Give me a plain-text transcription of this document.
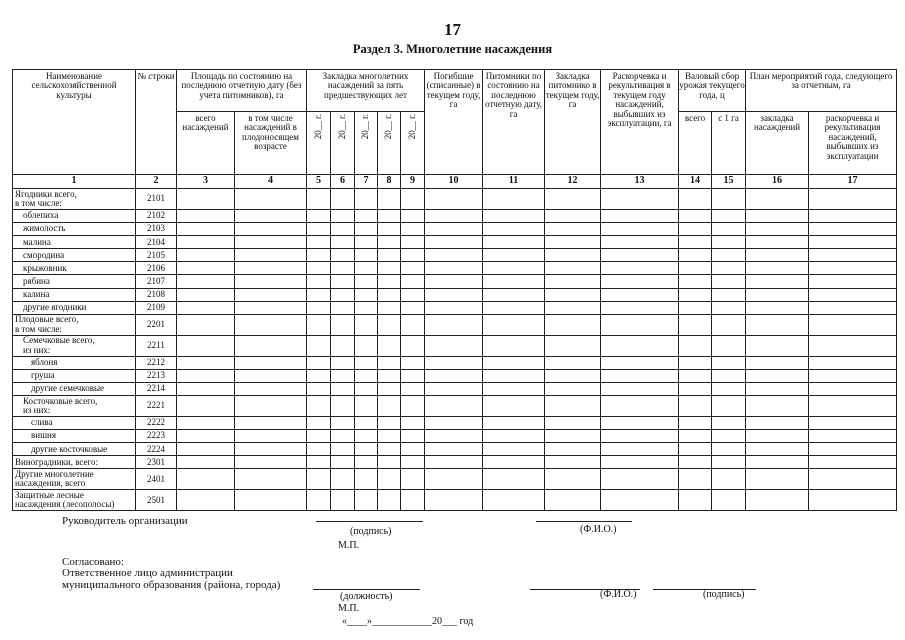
17
Раздел 3. Многолетние насаждения
Наименование сельскохозяйственной культуры	№ строки	Площадь по состоянию на последнюю отчетную дату (без учета питомников), га		Закладка многолетних насаждений за пять предшествующих лет					Погибшие (списанные) в текущем году, га	Питомники по состоянию на последнюю отчетную дату, га	Закладка питомнико в текущем году, га	Раскорчевка и рекультивация в текущем году насаждений, выбывших из эксплуатации, га	Валовый сбор урожая текущего года, ц		План мероприятий года, следующего за отчетным, га	
		всего насаждений	в том числе насаждений в плодоносящем возрасте	20__ г.	20__ г.	20__ г.	20__ г.	20__ г.					всего	с 1 га	закладка насаждений	раскорчевка и рекультивация насаждений, выбывших из эксплуатации

1	2	3	4	5	6	7	8	9	10	11	12	13	14	15	16	17
Ягодники всего,
в том числе:	2101															
облепиха	2102															
жимолость	2103															
малина	2104															
смородина	2105															
крыжовник	2106															
рябина	2107															
калина	2108															
другие ягодники	2109															
Плодовые всего,
в том числе:	2201															
Семечковые всего,
из них:	2211															
яблоня	2212															
груша	2213															
другие семечковые	2214															
Косточковые всего,
из них:	2221															
слива	2222															
вишня	2223															
другие косточковые	2224															
Виноградники, всего:	2301															
Другие многолетние
насаждения, всего	2401															
Защитные лесные
насаждения (лесополосы)	2501															
Руководитель организации
(подпись)	(Ф.И.О.)
М.П.
Согласовано:
Ответственное лицо администрации
муниципального образования (района, города)
(должность)	(Ф.И.О.)	(подпись)
М.П.
«____»____________20___ год
